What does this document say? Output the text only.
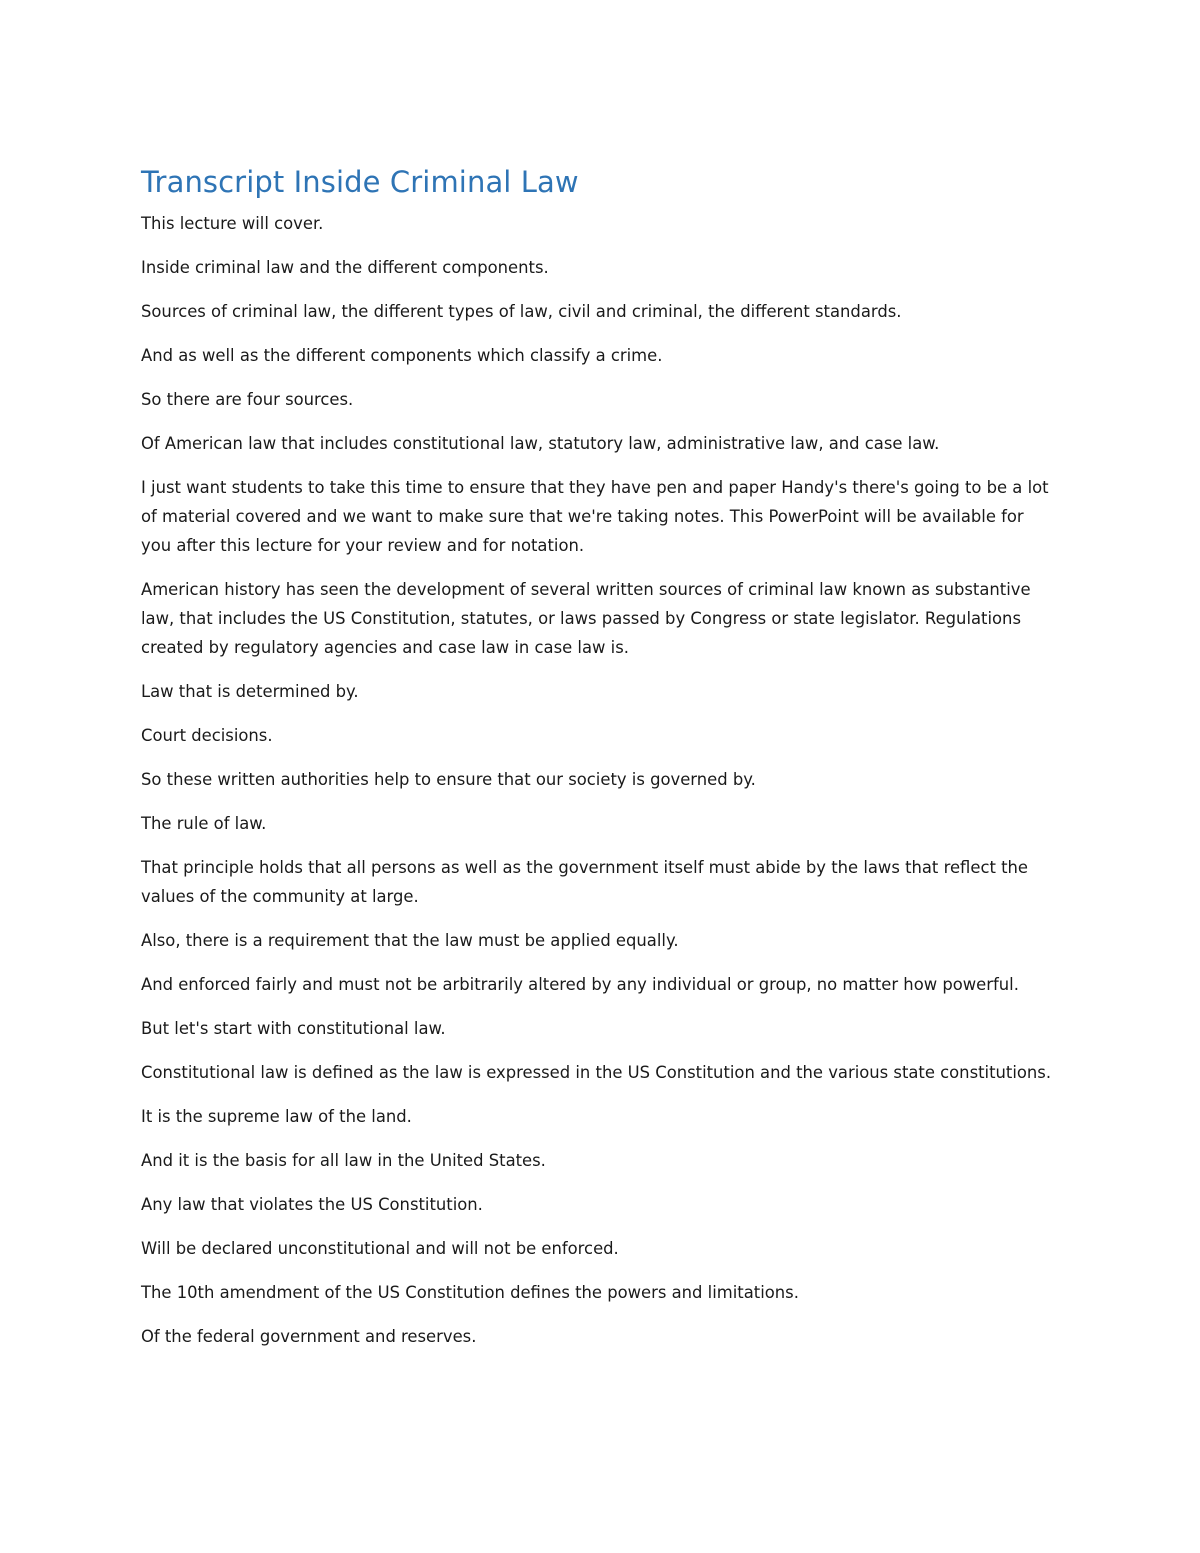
Transcript Inside Criminal Law

This lecture will cover.

Inside criminal law and the different components.

Sources of criminal law, the different types of law, civil and criminal, the different standards.

And as well as the different components which classify a crime.

So there are four sources.

Of American law that includes constitutional law, statutory law, administrative law, and case law.

I just want students to take this time to ensure that they have pen and paper Handy's there's going to be a lot of material covered and we want to make sure that we're taking notes. This PowerPoint will be available for you after this lecture for your review and for notation.

American history has seen the development of several written sources of criminal law known as substantive law, that includes the US Constitution, statutes, or laws passed by Congress or state legislator. Regulations created by regulatory agencies and case law in case law is.

Law that is determined by.

Court decisions.

So these written authorities help to ensure that our society is governed by.

The rule of law.

That principle holds that all persons as well as the government itself must abide by the laws that reflect the values of the community at large.

Also, there is a requirement that the law must be applied equally.

And enforced fairly and must not be arbitrarily altered by any individual or group, no matter how powerful.

But let's start with constitutional law.

Constitutional law is defined as the law is expressed in the US Constitution and the various state constitutions.

It is the supreme law of the land.

And it is the basis for all law in the United States.

Any law that violates the US Constitution.

Will be declared unconstitutional and will not be enforced.

The 10th amendment of the US Constitution defines the powers and limitations.

Of the federal government and reserves.
